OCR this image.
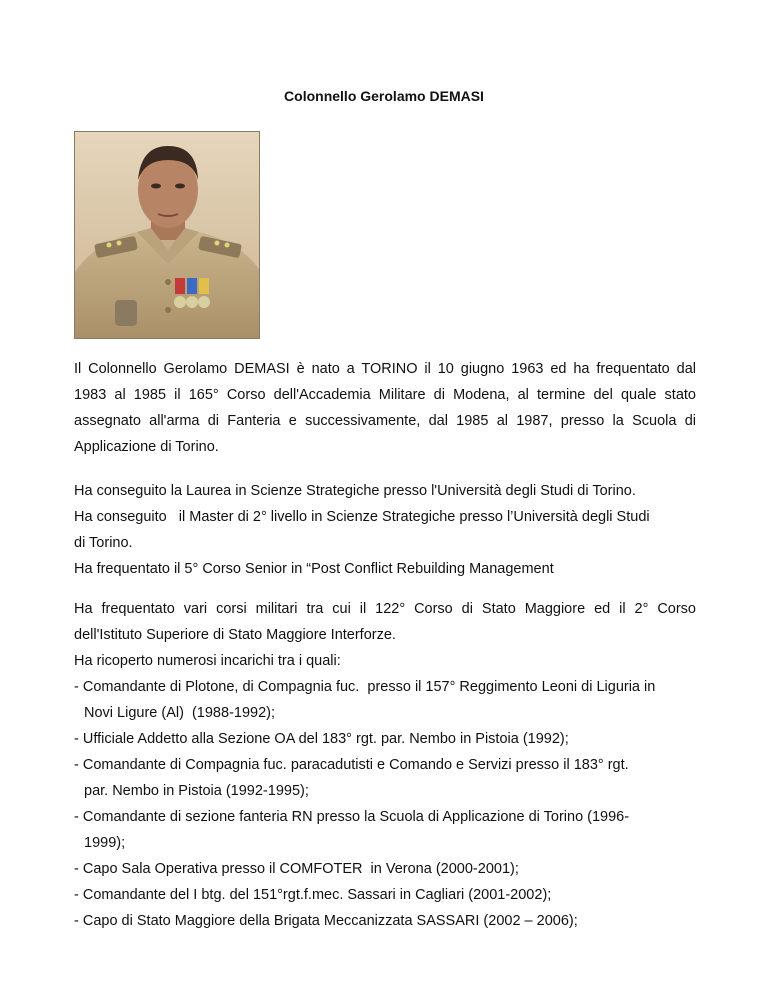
Colonnello Gerolamo DEMASI
Il Colonnello Gerolamo DEMASI è nato a TORINO il 10 giugno 1963 ed ha frequentato dal
1983 al 1985 il 165° Corso dell'Accademia Militare di Modena, al termine del quale stato
assegnato all'arma di Fanteria e successivamente, dal 1985 al 1987, presso la Scuola di
Applicazione di Torino.
Ha conseguito la Laurea in Scienze Strategiche presso l'Università degli Studi di Torino.
Ha conseguito   il Master di 2° livello in Scienze Strategiche presso l’Università degli Studi
di Torino.
Ha frequentato il 5° Corso Senior in “Post Conflict Rebuilding Management
Ha frequentato vari corsi militari tra cui il 122° Corso di Stato Maggiore ed il 2° Corso
dell'Istituto Superiore di Stato Maggiore Interforze.
Ha ricoperto numerosi incarichi tra i quali:
- Comandante di Plotone, di Compagnia fuc.  presso il 157° Reggimento Leoni di Liguria in
Novi Ligure (Al)  (1988-1992);
- Ufficiale Addetto alla Sezione OA del 183° rgt. par. Nembo in Pistoia (1992);
- Comandante di Compagnia fuc. paracadutisti e Comando e Servizi presso il 183° rgt.
par. Nembo in Pistoia (1992-1995);
- Comandante di sezione fanteria RN presso la Scuola di Applicazione di Torino (1996-
1999);
- Capo Sala Operativa presso il COMFOTER  in Verona (2000-2001);
- Comandante del I btg. del 151°rgt.f.mec. Sassari in Cagliari (2001-2002);
- Capo di Stato Maggiore della Brigata Meccanizzata SASSARI (2002 – 2006);
